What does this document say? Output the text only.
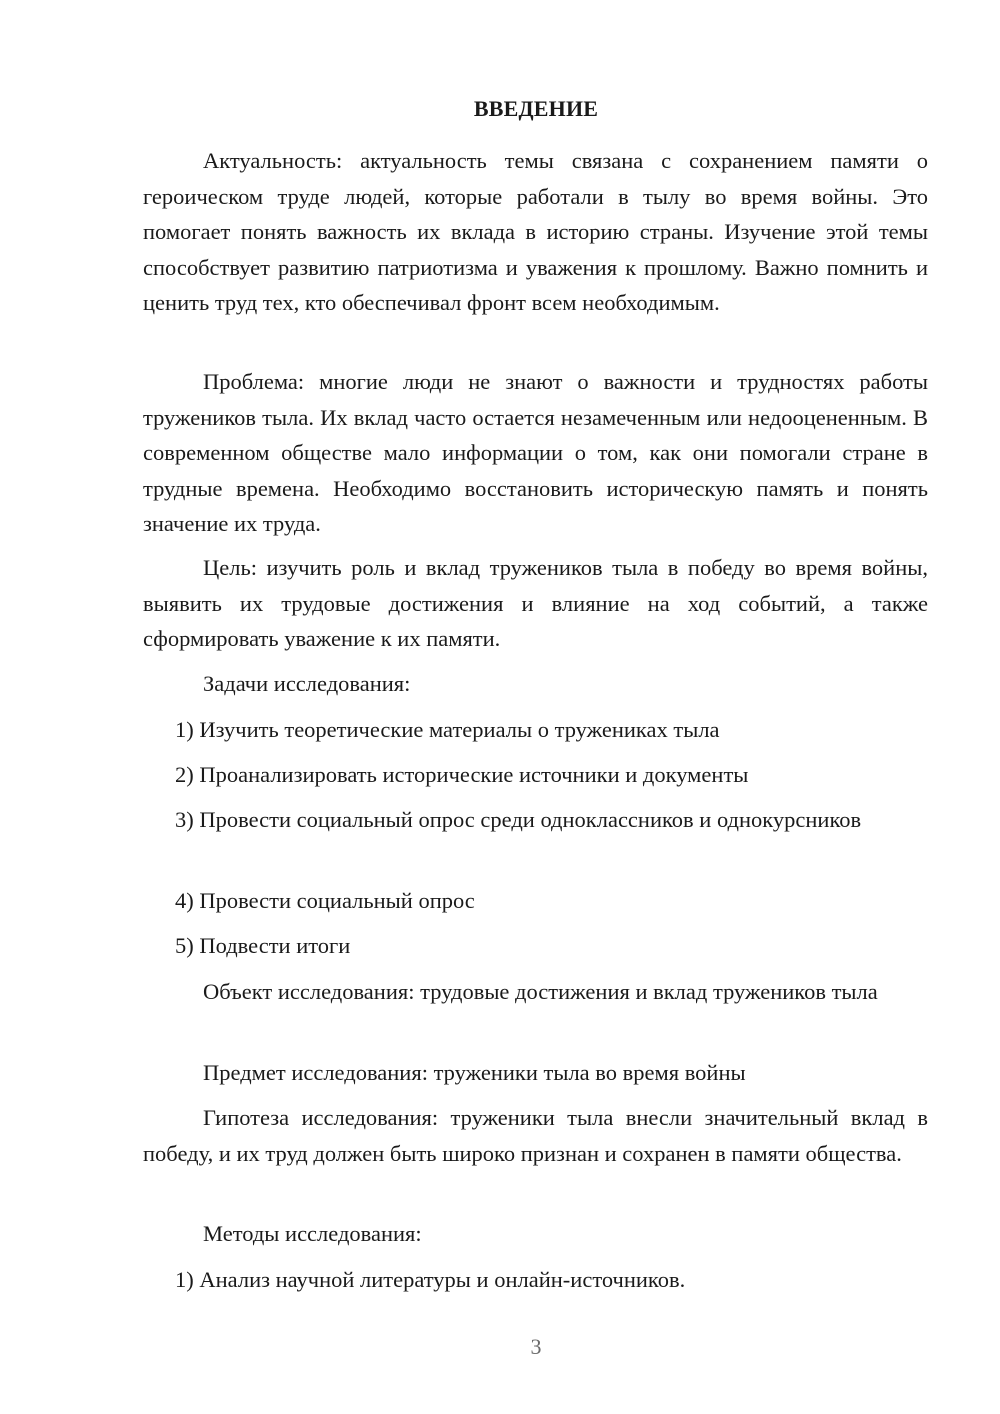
ВВЕДЕНИЕ

Актуальность: актуальность темы связана с сохранением памяти о героическом труде людей, которые работали в тылу во время войны. Это помогает понять важность их вклада в историю страны. Изучение этой темы способствует развитию патриотизма и уважения к прошлому. Важно помнить и ценить труд тех, кто обеспечивал фронт всем необходимым.

Проблема: многие люди не знают о важности и трудностях работы тружеников тыла. Их вклад часто остается незамеченным или недооцененным. В современном обществе мало информации о том, как они помогали стране в трудные времена. Необходимо восстановить историческую память и понять значение их труда.

Цель: изучить роль и вклад тружеников тыла в победу во время войны, выявить их трудовые достижения и влияние на ход событий, а также сформировать уважение к их памяти.

Задачи исследования:

1) Изучить теоретические материалы о тружениках тыла

2) Проанализировать исторические источники и документы

3) Провести социальный опрос среди одноклассников и однокурсников

4) Провести социальный опрос

5) Подвести итоги

Объект исследования: трудовые достижения и вклад тружеников тыла

Предмет исследования: труженики тыла во время войны

Гипотеза исследования: труженики тыла внесли значительный вклад в победу, и их труд должен быть широко признан и сохранен в памяти общества.

Методы исследования:

1) Анализ научной литературы и онлайн-источников.

3
